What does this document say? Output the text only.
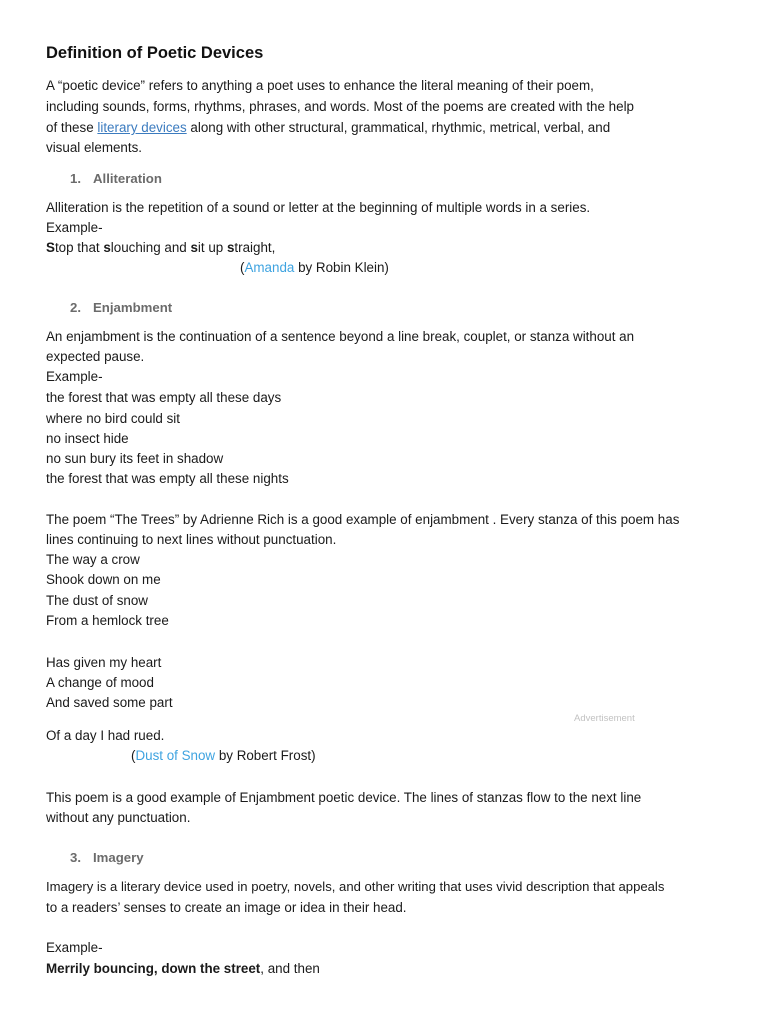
Definition of Poetic Devices

A “poetic device” refers to anything a poet uses to enhance the literal meaning of their poem,

including sounds, forms, rhythms, phrases, and words. Most of the poems are created with the help

of these literary devices along with other structural, grammatical, rhythmic, metrical, verbal, and

visual elements.

1. Alliteration

Alliteration is the repetition of a sound or letter at the beginning of multiple words in a series.

Example-

Stop that slouching and sit up straight,

(Amanda by Robin Klein)

2. Enjambment

An enjambment is the continuation of a sentence beyond a line break, couplet, or stanza without an

expected pause.

Example-

the forest that was empty all these days

where no bird could sit

no insect hide

no sun bury its feet in shadow

the forest that was empty all these nights

The poem “The Trees” by Adrienne Rich is a good example of enjambment . Every stanza of this poem has

lines continuing to next lines without punctuation.

The way a crow

Shook down on me

The dust of snow

From a hemlock tree

Has given my heart

A change of mood

And saved some part

Advertisement

Of a day I had rued.

(Dust of Snow by Robert Frost)

This poem is a good example of Enjambment poetic device. The lines of stanzas flow to the next line

without any punctuation.

3. Imagery

Imagery is a literary device used in poetry, novels, and other writing that uses vivid description that appeals

to a readers’ senses to create an image or idea in their head.

Example-

Merrily bouncing, down the street, and then
